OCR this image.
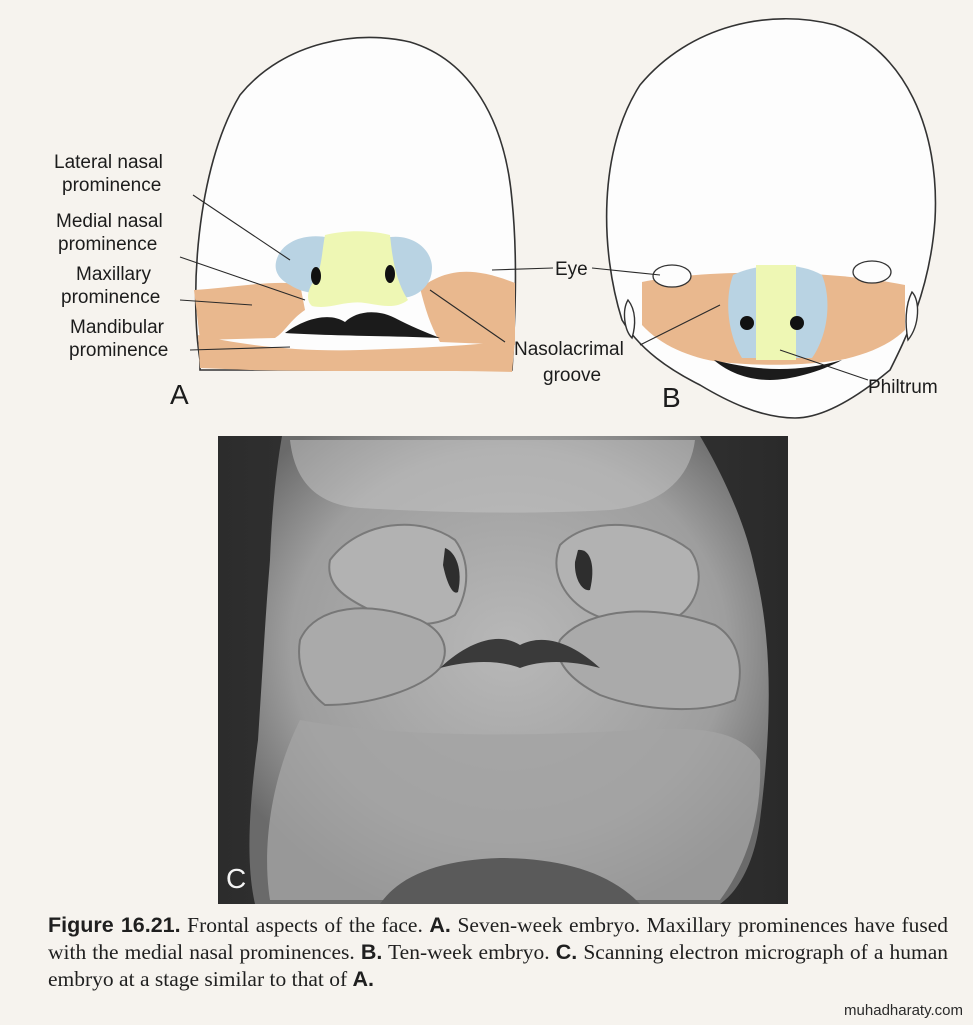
Lateral nasal
prominence
Medial nasal
prominence
Maxillary
prominence
Mandibular
prominence
A
Eye
Nasolacrimal
groove
Philtrum
B
C

Figure 16.21. Frontal aspects of the face. A. Seven-week embryo. Maxillary prominences have fused with the medial nasal prominences. B. Ten-week embryo. C. Scanning electron micrograph of a human embryo at a stage similar to that of A.

muhadharaty.com
